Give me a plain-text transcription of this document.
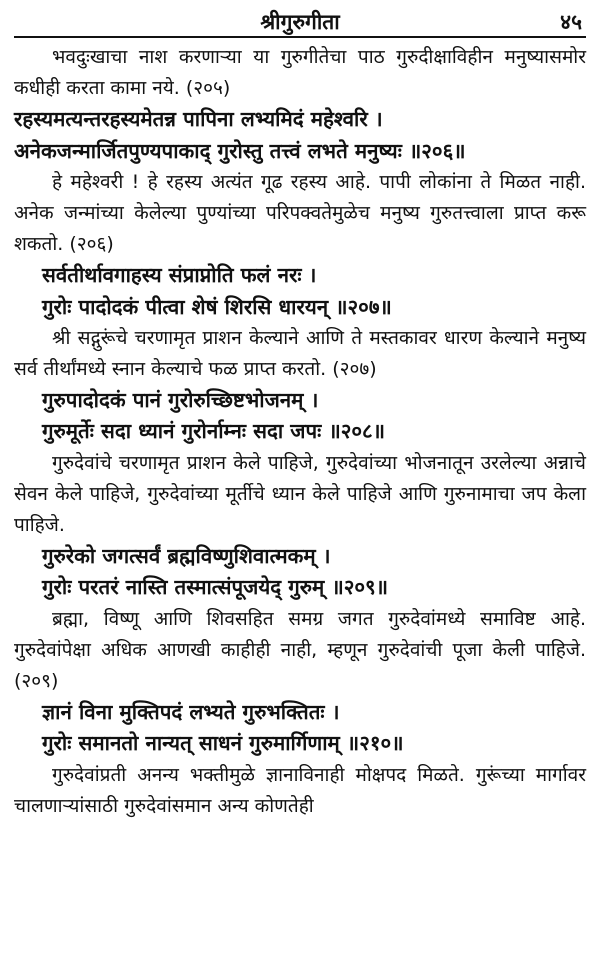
श्रीगुरुगीता	४५

भवदुःखाचा नाश करणाऱ्या या गुरुगीतेचा पाठ गुरुदीक्षाविहीन मनुष्यासमोर कधीही करता कामा नये. (२०५)

रहस्यमत्यन्तरहस्यमेतन्न पापिना लभ्यमिदं महेश्वरि ।

अनेकजन्मार्जितपुण्यपाकाद् गुरोस्तु तत्त्वं लभते मनुष्यः ॥२०६॥

हे महेश्वरी ! हे रहस्य अत्यंत गूढ रहस्य आहे. पापी लोकांना ते मिळत नाही. अनेक जन्मांच्या केलेल्या पुण्यांच्या परिपक्वतेमुळेच मनुष्य गुरुतत्त्वाला प्राप्त करू शकतो. (२०६)

सर्वतीर्थावगाहस्य संप्राप्नोति फलं नरः ।

गुरोः पादोदकं पीत्वा शेषं शिरसि धारयन् ॥२०७॥

श्री सद्गुरूंचे चरणामृत प्राशन केल्याने आणि ते मस्तकावर धारण केल्याने मनुष्य सर्व तीर्थांमध्ये स्नान केल्याचे फळ प्राप्त करतो. (२०७)

गुरुपादोदकं पानं गुरोरुच्छिष्टभोजनम् ।

गुरुमूर्तेः सदा ध्यानं गुरोर्नाम्नः सदा जपः ॥२०८॥

गुरुदेवांचे चरणामृत प्राशन केले पाहिजे, गुरुदेवांच्या भोजनातून उरलेल्या अन्नाचे सेवन केले पाहिजे, गुरुदेवांच्या मूर्तीचे ध्यान केले पाहिजे आणि गुरुनामाचा जप केला पाहिजे.

गुरुरेको जगत्सर्वं ब्रह्मविष्णुशिवात्मकम् ।

गुरोः परतरं नास्ति तस्मात्संपूजयेद् गुरुम् ॥२०९॥

ब्रह्मा, विष्णू आणि शिवसहित समग्र जगत गुरुदेवांमध्ये समाविष्ट आहे. गुरुदेवांपेक्षा अधिक आणखी काहीही नाही, म्हणून गुरुदेवांची पूजा केली पाहिजे. (२०९)

ज्ञानं विना मुक्तिपदं लभ्यते गुरुभक्तितः ।

गुरोः समानतो नान्यत् साधनं गुरुमार्गिणाम् ॥२१०॥

गुरुदेवांप्रती अनन्य भक्तीमुळे ज्ञानाविनाही मोक्षपद मिळते. गुरूंच्या मार्गावर चालणाऱ्यांसाठी गुरुदेवांसमान अन्य कोणतेही
